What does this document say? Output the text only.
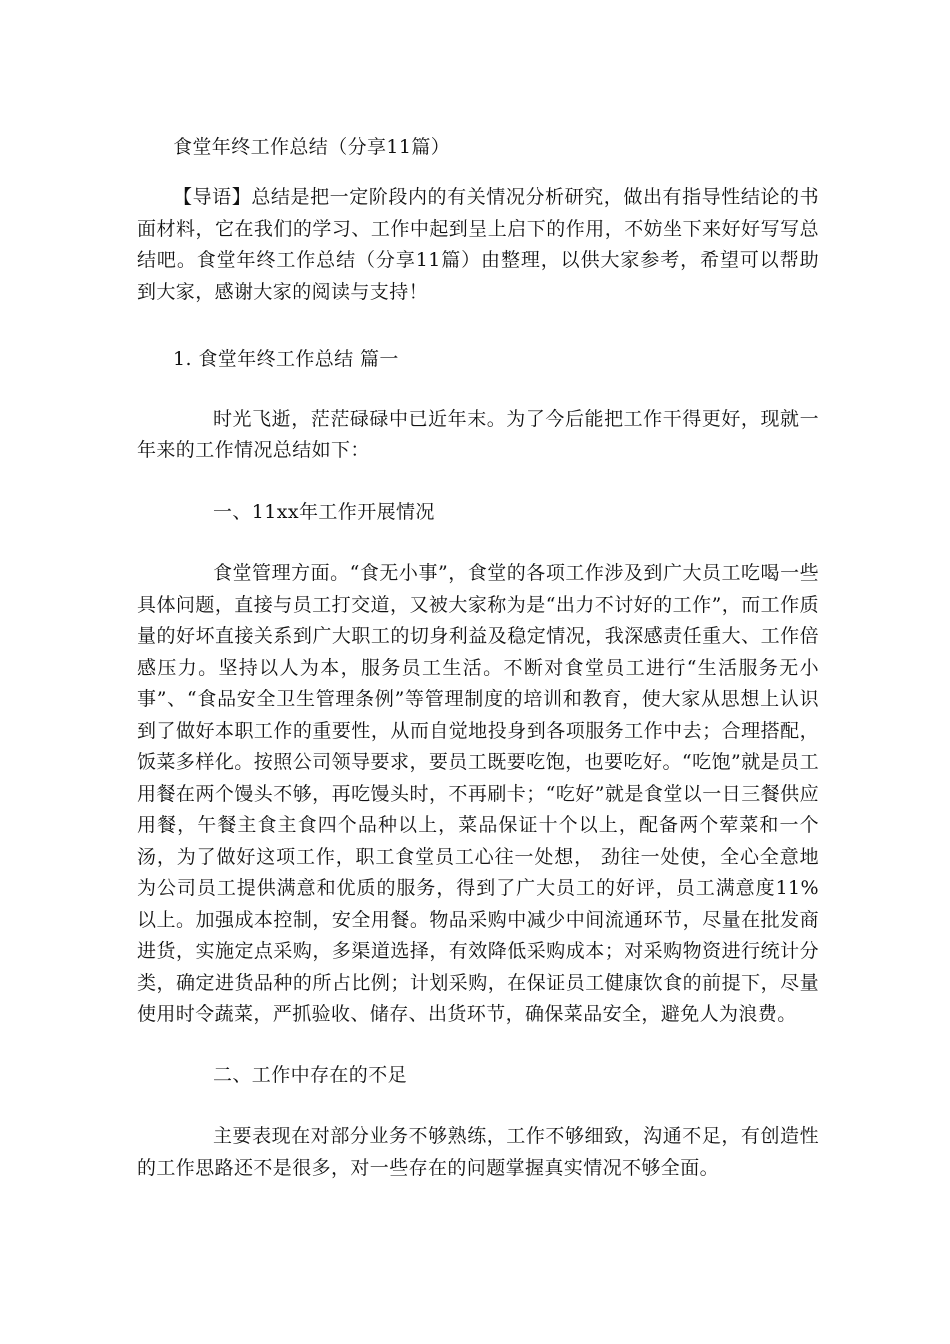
食堂年终工作总结（分享11篇）

【导语】总结是把一定阶段内的有关情况分析研究，做出有指导性结论的书面材料，它在我们的学习、工作中起到呈上启下的作用，不妨坐下来好好写写总结吧。食堂年终工作总结（分享11篇）由整理，以供大家参考，希望可以帮助到大家，感谢大家的阅读与支持！

1. 食堂年终工作总结 篇一

时光飞逝，茫茫碌碌中已近年末。为了今后能把工作干得更好，现就一年来的工作情况总结如下：

一、11xx年工作开展情况

食堂管理方面。“食无小事”，食堂的各项工作涉及到广大员工吃喝一些具体问题，直接与员工打交道，又被大家称为是“出力不讨好的工作”，而工作质量的好坏直接关系到广大职工的切身利益及稳定情况，我深感责任重大、工作倍感压力。坚持以人为本，服务员工生活。不断对食堂员工进行“生活服务无小事”、“食品安全卫生管理条例”等管理制度的培训和教育，使大家从思想上认识到了做好本职工作的重要性，从而自觉地投身到各项服务工作中去；合理搭配，饭菜多样化。按照公司领导要求，要员工既要吃饱，也要吃好。“吃饱”就是员工用餐在两个馒头不够，再吃馒头时，不再刷卡；“吃好”就是食堂以一日三餐供应用餐，午餐主食主食四个品种以上，菜品保证十个以上，配备两个荤菜和一个汤，为了做好这项工作，职工食堂员工心往一处想， 劲往一处使，全心全意地为公司员工提供满意和优质的服务，得到了广大员工的好评，员工满意度11%以上。加强成本控制，安全用餐。物品采购中减少中间流通环节，尽量在批发商进货，实施定点采购，多渠道选择，有效降低采购成本；对采购物资进行统计分类，确定进货品种的所占比例；计划采购，在保证员工健康饮食的前提下，尽量使用时令蔬菜，严抓验收、储存、出货环节，确保菜品安全，避免人为浪费。

二、工作中存在的不足

主要表现在对部分业务不够熟练，工作不够细致，沟通不足，有创造性的工作思路还不是很多，对一些存在的问题掌握真实情况不够全面。
